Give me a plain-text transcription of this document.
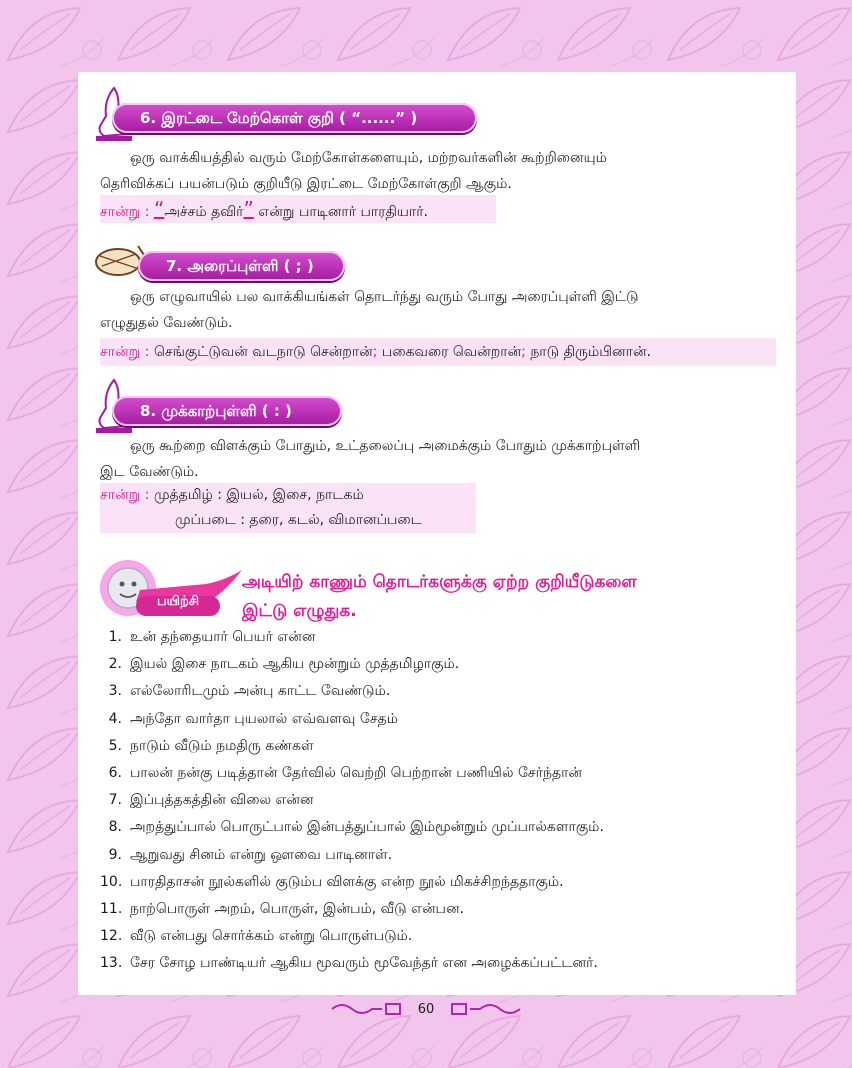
6. இரட்டை மேற்கொள் குறி ( “......” )
ஒரு வாக்கியத்தில் வரும் மேற்கோள்களையும், மற்றவர்களின் கூற்றினையும்
தெரிவிக்கப் பயன்படும் குறியீடு இரட்டை மேற்கோள்குறி ஆகும்.
சான்று : “அச்சம் தவிர்” என்று பாடினார் பாரதியார்.
7. அரைப்புள்ளி ( ; )
ஒரு எழுவாயில் பல வாக்கியங்கள் தொடர்ந்து வரும் போது அரைப்புள்ளி இட்டு
எழுதுதல் வேண்டும்.
சான்று : செங்குட்டுவன் வடநாடு சென்றான்; பகைவரை வென்றான்; நாடு திரும்பினான்.
8. முக்காற்புள்ளி ( : )
ஒரு கூற்றை விளக்கும் போதும், உட்தலைப்பு அமைக்கும் போதும் முக்காற்புள்ளி
இட வேண்டும்.
சான்று : முத்தமிழ் : இயல், இசை, நாடகம்
முப்படை : தரை, கடல், விமானப்படை
பயிற்சி
அடியிற் காணும் தொடர்களுக்கு ஏற்ற குறியீடுகளை
இட்டு எழுதுக.
1. உன் தந்தையார் பெயர் என்ன
2. இயல் இசை நாடகம் ஆகிய மூன்றும் முத்தமிழாகும்.
3. எல்லோரிடமும் அன்பு காட்ட வேண்டும்.
4. அந்தோ வார்தா புயலால் எவ்வளவு சேதம்
5. நாடும் வீடும் நமதிரு கண்கள்
6. பாலன் நன்கு படித்தான் தேர்வில் வெற்றி பெற்றான் பணியில் சேர்ந்தான்
7. இப்புத்தகத்தின் விலை என்ன
8. அறத்துப்பால் பொருட்பால் இன்பத்துப்பால் இம்மூன்றும் முப்பால்களாகும்.
9. ஆறுவது சினம் என்று ஔவை பாடினாள்.
10. பாரதிதாசன் நூல்களில் குடும்ப விளக்கு என்ற நூல் மிகச்சிறந்ததாகும்.
11. நாற்பொருள் அறம், பொருள், இன்பம், வீடு என்பன.
12. வீடு என்பது சொர்க்கம் என்று பொருள்படும்.
13. சேர சோழ பாண்டியர் ஆகிய மூவரும் மூவேந்தர் என அழைக்கப்பட்டனர்.
60
